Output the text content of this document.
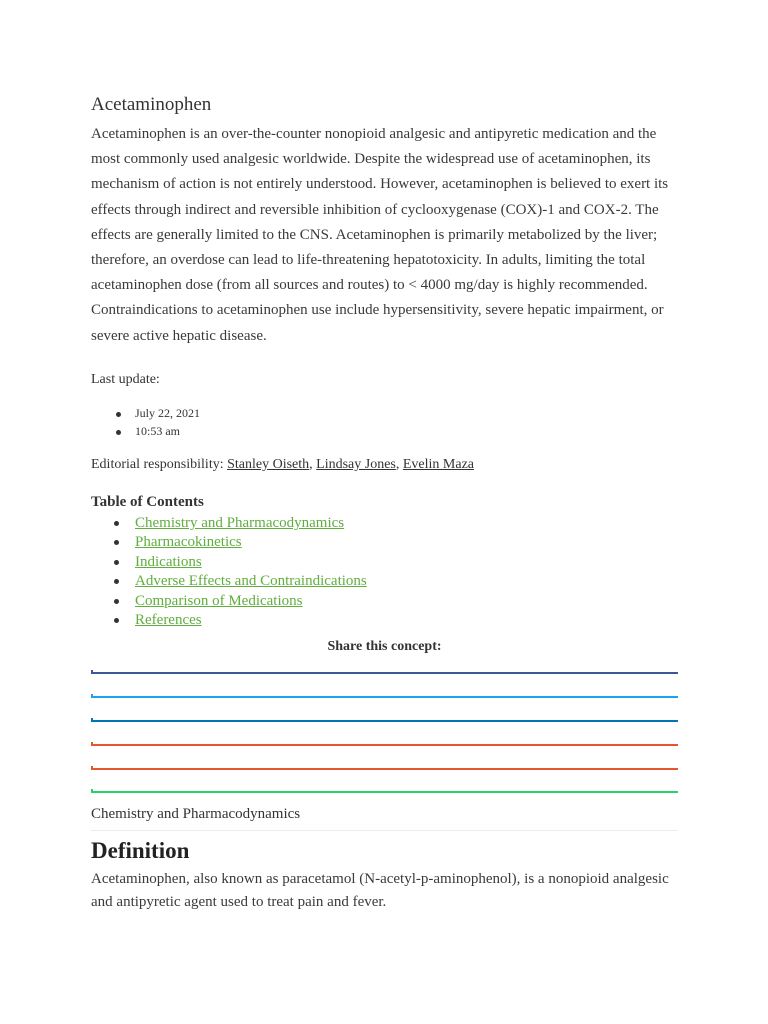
Acetaminophen

Acetaminophen is an over-the-counter nonopioid analgesic and antipyretic medication and the most commonly used analgesic worldwide. Despite the widespread use of acetaminophen, its mechanism of action is not entirely understood. However, acetaminophen is believed to exert its effects through indirect and reversible inhibition of cyclooxygenase (COX)-1 and COX-2. The effects are generally limited to the CNS. Acetaminophen is primarily metabolized by the liver; therefore, an overdose can lead to life-threatening hepatotoxicity. In adults, limiting the total acetaminophen dose (from all sources and routes) to < 4000 mg/day is highly recommended. Contraindications to acetaminophen use include hypersensitivity, severe hepatic impairment, or severe active hepatic disease.

Last update:

July 22, 2021
10:53 am

Editorial responsibility: Stanley Oiseth, Lindsay Jones, Evelin Maza

Table of Contents
Chemistry and Pharmacodynamics
Pharmacokinetics
Indications
Adverse Effects and Contraindications
Comparison of Medications
References

Share this concept:

Chemistry and Pharmacodynamics

Definition

Acetaminophen, also known as paracetamol (N-acetyl-p-aminophenol), is a nonopioid analgesic and antipyretic agent used to treat pain and fever.
